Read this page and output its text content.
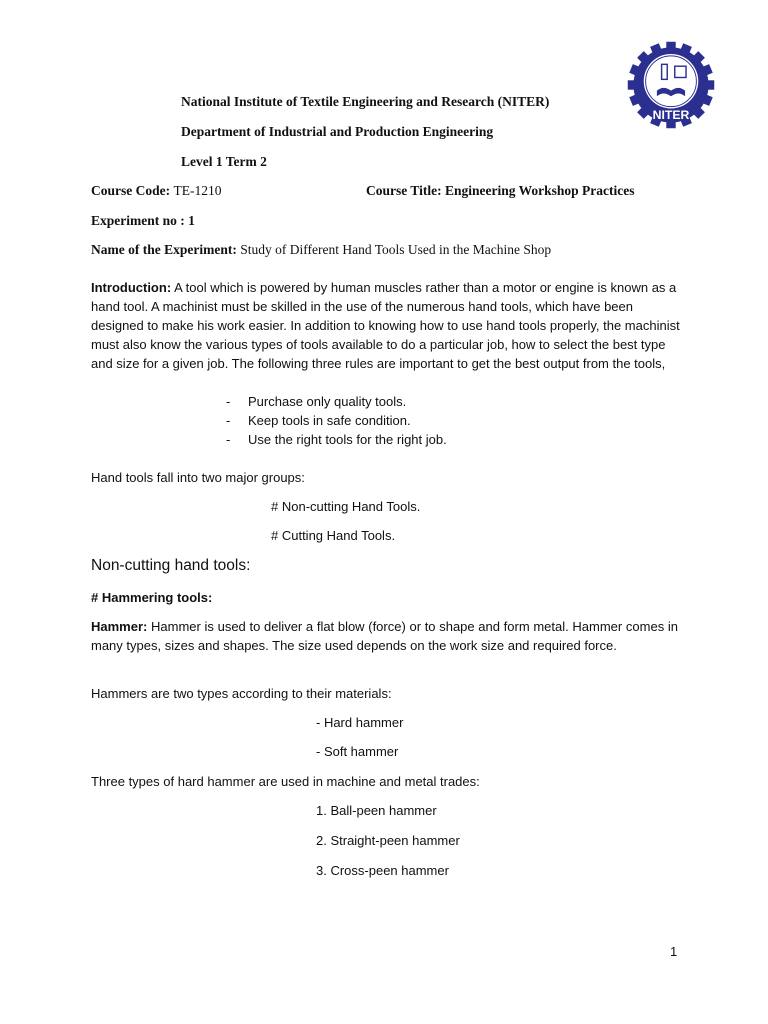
NITER
National Institute of Textile Engineering and Research (NITER)
Department of Industrial and Production Engineering
Level 1 Term 2
Course Code: TE-1210	Course Title: Engineering Workshop Practices
Experiment no : 1
Name of the Experiment: Study of Different Hand Tools Used in the Machine Shop

Introduction: A tool which is powered by human muscles rather than a motor or engine is known as a hand tool. A machinist must be skilled in the use of the numerous hand tools, which have been designed to make his work easier. In addition to knowing how to use hand tools properly, the machinist must also know the various types of tools available to do a particular job, how to select the best type and size for a given job. The following three rules are important to get the best output from the tools,

- Purchase only quality tools.
- Keep tools in safe condition.
- Use the right tools for the right job.
Hand tools fall into two major groups:
# Non-cutting Hand Tools.
# Cutting Hand Tools.
Non-cutting hand tools:
# Hammering tools:
Hammer: Hammer is used to deliver a flat blow (force) or to shape and form metal. Hammer comes in many types, sizes and shapes. The size used depends on the work size and required force.
Hammers are two types according to their materials:
- Hard hammer
- Soft hammer
Three types of hard hammer are used in machine and metal trades:
1. Ball-peen hammer
2. Straight-peen hammer
3. Cross-peen hammer
1
